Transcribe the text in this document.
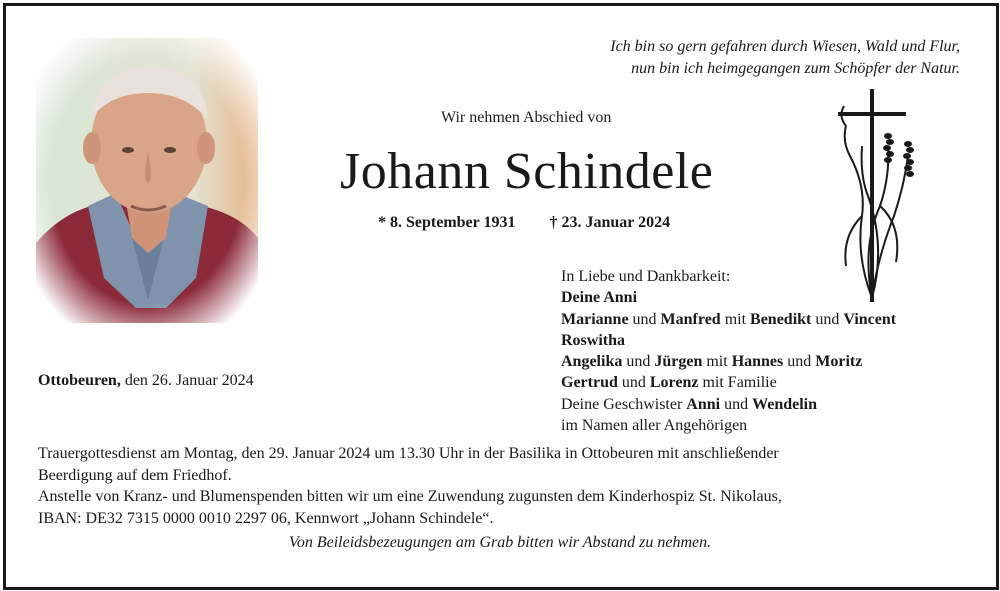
Ich bin so gern gefahren durch Wiesen, Wald und Flur,
nun bin ich heimgegangen zum Schöpfer der Natur.
Wir nehmen Abschied von
Johann Schindele
* 8. September 1931 † 23. Januar 2024
In Liebe und Dankbarkeit:
Deine Anni
Marianne und Manfred mit Benedikt und Vincent
Roswitha
Angelika und Jürgen mit Hannes und Moritz
Gertrud und Lorenz mit Familie
Deine Geschwister Anni und Wendelin
im Namen aller Angehörigen
Ottobeuren, den 26. Januar 2024
Trauergottesdienst am Montag, den 29. Januar 2024 um 13.30 Uhr in der Basilika in Ottobeuren mit anschließender
Beerdigung auf dem Friedhof.
Anstelle von Kranz- und Blumenspenden bitten wir um eine Zuwendung zugunsten dem Kinderhospiz St. Nikolaus,
IBAN: DE32 7315 0000 0010 2297 06, Kennwort „Johann Schindele“.
Von Beileidsbezeugungen am Grab bitten wir Abstand zu nehmen.
